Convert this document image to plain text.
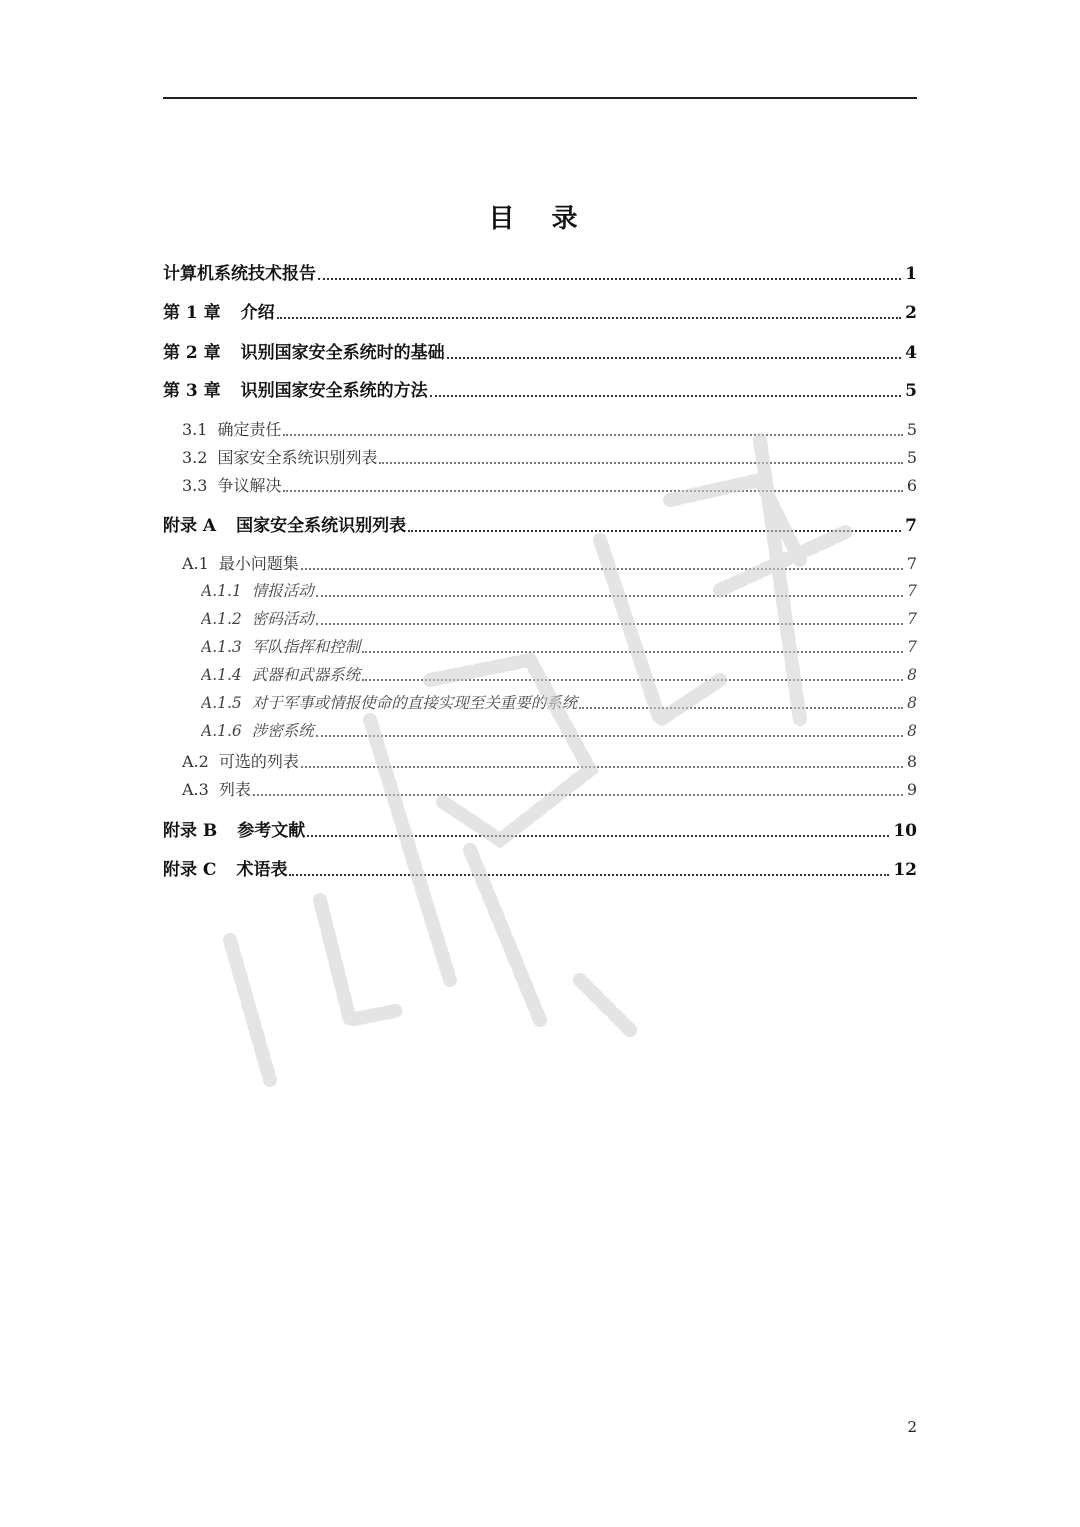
目 录
计算机系统技术报告	1
第 1 章 介绍	2
第 2 章 识别国家安全系统时的基础	4
第 3 章 识别国家安全系统的方法	5
3.1 确定责任	5
3.2 国家安全系统识别列表	5
3.3 争议解决	6
附录 A 国家安全系统识别列表	7
A.1 最小问题集	7
A.1.1 情报活动	7
A.1.2 密码活动	7
A.1.3 军队指挥和控制	7
A.1.4 武器和武器系统	8
A.1.5 对于军事或情报使命的直接实现至关重要的系统	8
A.1.6 涉密系统	8
A.2 可选的列表	8
A.3 列表	9
附录 B 参考文献	10
附录 C 术语表	12
2
